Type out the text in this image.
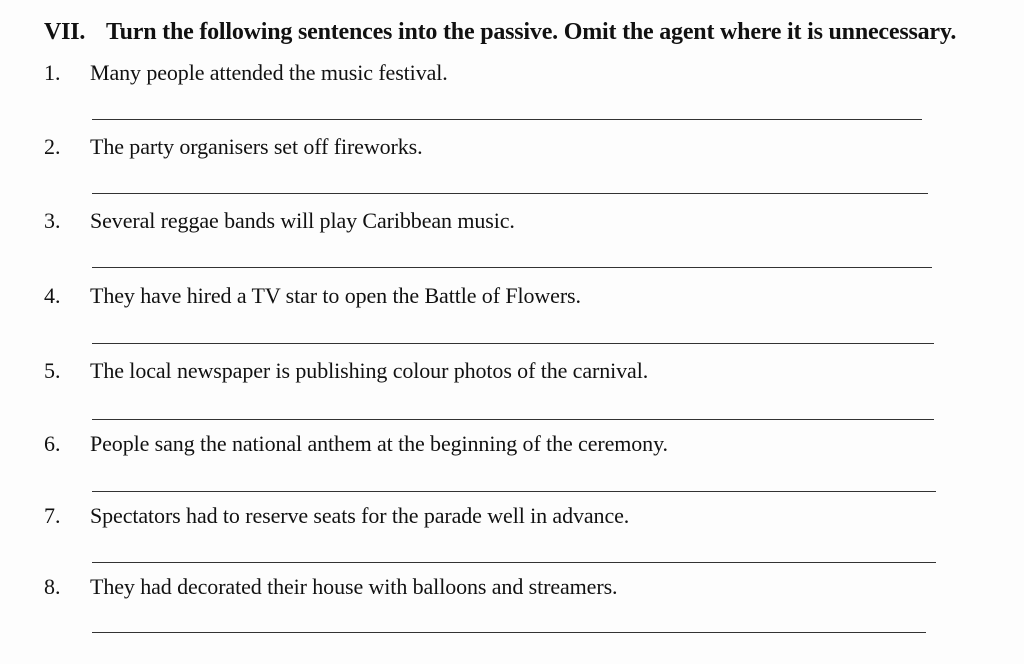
VII. Turn the following sentences into the passive. Omit the agent where it is unnecessary.
1. Many people attended the music festival.
2. The party organisers set off fireworks.
3. Several reggae bands will play Caribbean music.
4. They have hired a TV star to open the Battle of Flowers.
5. The local newspaper is publishing colour photos of the carnival.
6. People sang the national anthem at the beginning of the ceremony.
7. Spectators had to reserve seats for the parade well in advance.
8. They had decorated their house with balloons and streamers.
